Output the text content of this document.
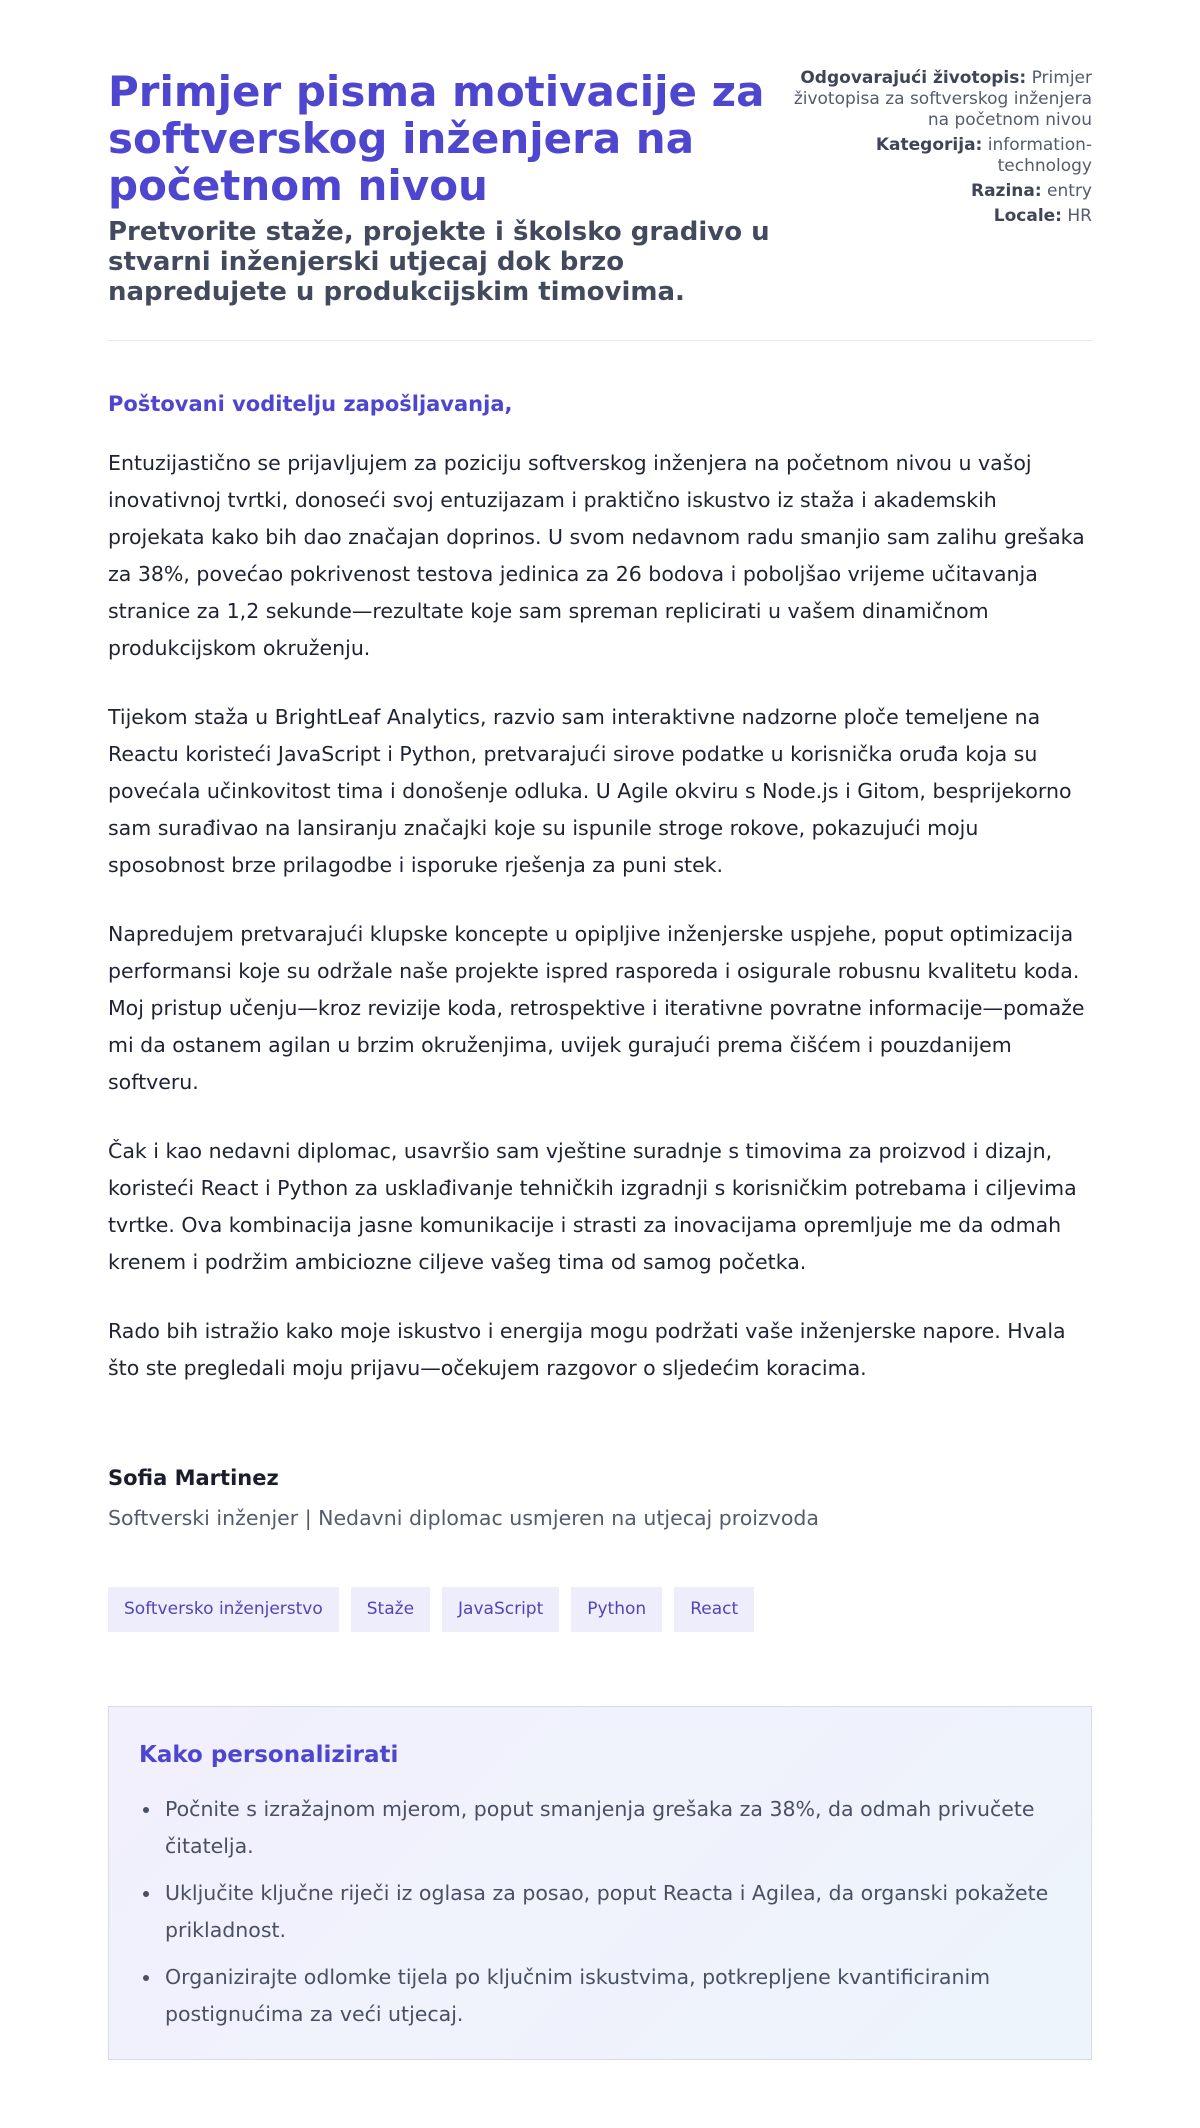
Primjer pisma motivacije za softverskog inženjera na početnom nivou
Pretvorite staže, projekte i školsko gradivo u stvarni inženjerski utjecaj dok brzo napredujete u produkcijskim timovima.
Odgovarajući životopis: Primjer životopisa za softverskog inženjera na početnom nivou
Kategorija: information-technology
Razina: entry
Locale: HR

Poštovani voditelju zapošljavanja,

Entuzijastično se prijavljujem za poziciju softverskog inženjera na početnom nivou u vašoj inovativnoj tvrtki, donoseći svoj entuzijazam i praktično iskustvo iz staža i akademskih projekata kako bih dao značajan doprinos. U svom nedavnom radu smanjio sam zalihu grešaka za 38%, povećao pokrivenost testova jedinica za 26 bodova i poboljšao vrijeme učitavanja stranice za 1,2 sekunde—rezultate koje sam spreman replicirati u vašem dinamičnom produkcijskom okruženju.

Tijekom staža u BrightLeaf Analytics, razvio sam interaktivne nadzorne ploče temeljene na Reactu koristeći JavaScript i Python, pretvarajući sirove podatke u korisnička oruđa koja su povećala učinkovitost tima i donošenje odluka. U Agile okviru s Node.js i Gitom, besprijekorno sam surađivao na lansiranju značajki koje su ispunile stroge rokove, pokazujući moju sposobnost brze prilagodbe i isporuke rješenja za puni stek.

Napredujem pretvarajući klupske koncepte u opipljive inženjerske uspjehe, poput optimizacija performansi koje su održale naše projekte ispred rasporeda i osigurale robusnu kvalitetu koda. Moj pristup učenju—kroz revizije koda, retrospektive i iterativne povratne informacije—pomaže mi da ostanem agilan u brzim okruženjima, uvijek gurajući prema čišćem i pouzdanijem softveru.

Čak i kao nedavni diplomac, usavršio sam vještine suradnje s timovima za proizvod i dizajn, koristeći React i Python za usklađivanje tehničkih izgradnji s korisničkim potrebama i ciljevima tvrtke. Ova kombinacija jasne komunikacije i strasti za inovacijama opremljuje me da odmah krenem i podržim ambiciozne ciljeve vašeg tima od samog početka.

Rado bih istražio kako moje iskustvo i energija mogu podržati vaše inženjerske napore. Hvala što ste pregledali moju prijavu—očekujem razgovor o sljedećim koracima.

Sofia Martinez
Softverski inženjer | Nedavni diplomac usmjeren na utjecaj proizvoda
Softversko inženjerstvo	Staže	JavaScript	Python	React
Kako personalizirati
Počnite s izražajnom mjerom, poput smanjenja grešaka za 38%, da odmah privučete čitatelja.
Uključite ključne riječi iz oglasa za posao, poput Reacta i Agilea, da organski pokažete prikladnost.
Organizirajte odlomke tijela po ključnim iskustvima, potkrepljene kvantificiranim postignućima za veći utjecaj.
